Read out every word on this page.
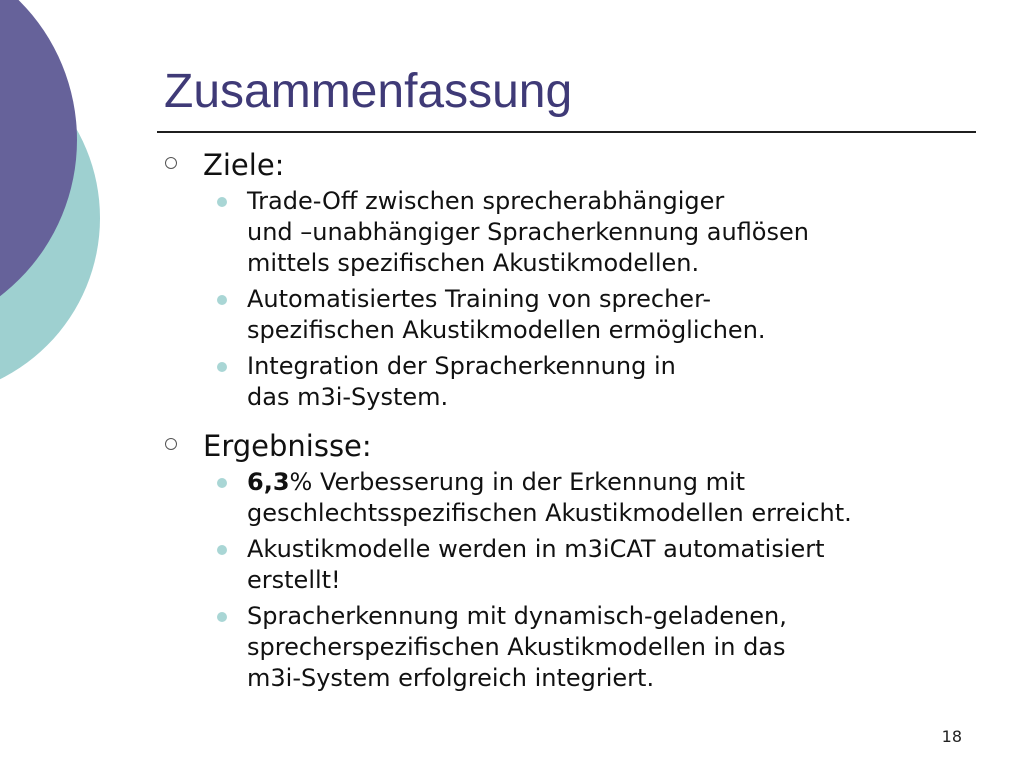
Zusammenfassung
Ziele:
Trade-Off zwischen sprecherabhängiger
und –unabhängiger Spracherkennung auflösen
mittels spezifischen Akustikmodellen.
Automatisiertes Training von sprecher-
spezifischen Akustikmodellen ermöglichen.
Integration der Spracherkennung in
das m3i-System.
Ergebnisse:
6,3% Verbesserung in der Erkennung mit
geschlechtsspezifischen Akustikmodellen erreicht.
Akustikmodelle werden in m3iCAT automatisiert
erstellt!
Spracherkennung mit dynamisch-geladenen,
sprecherspezifischen Akustikmodellen in das
m3i-System erfolgreich integriert.
18
